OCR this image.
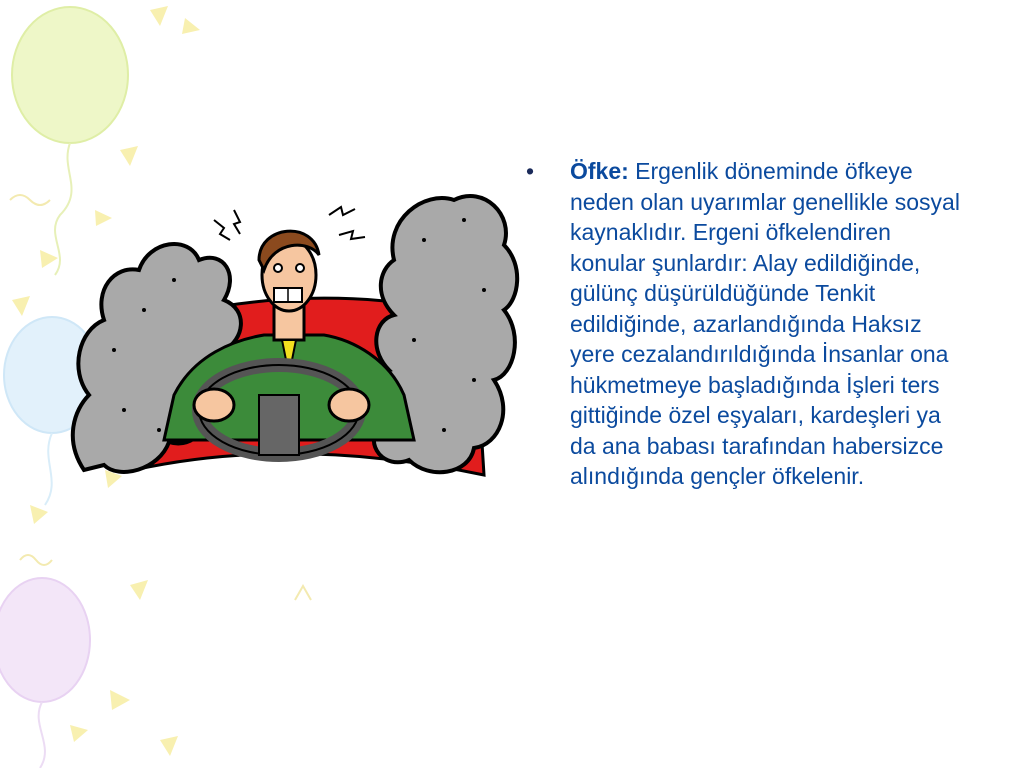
•	Öfke: Ergenlik döneminde öfkeye neden olan uyarımlar genellikle sosyal kaynaklıdır. Ergeni öfkelendiren konular şunlardır: Alay edildiğinde, gülünç düşürüldüğünde Tenkit edildiğinde, azarlandığında Haksız yere cezalandırıldığında İnsanlar ona hükmetmeye başladığında İşleri ters gittiğinde özel eşyaları, kardeşleri ya da ana babası tarafından habersizce alındığında gençler öfkelenir.
